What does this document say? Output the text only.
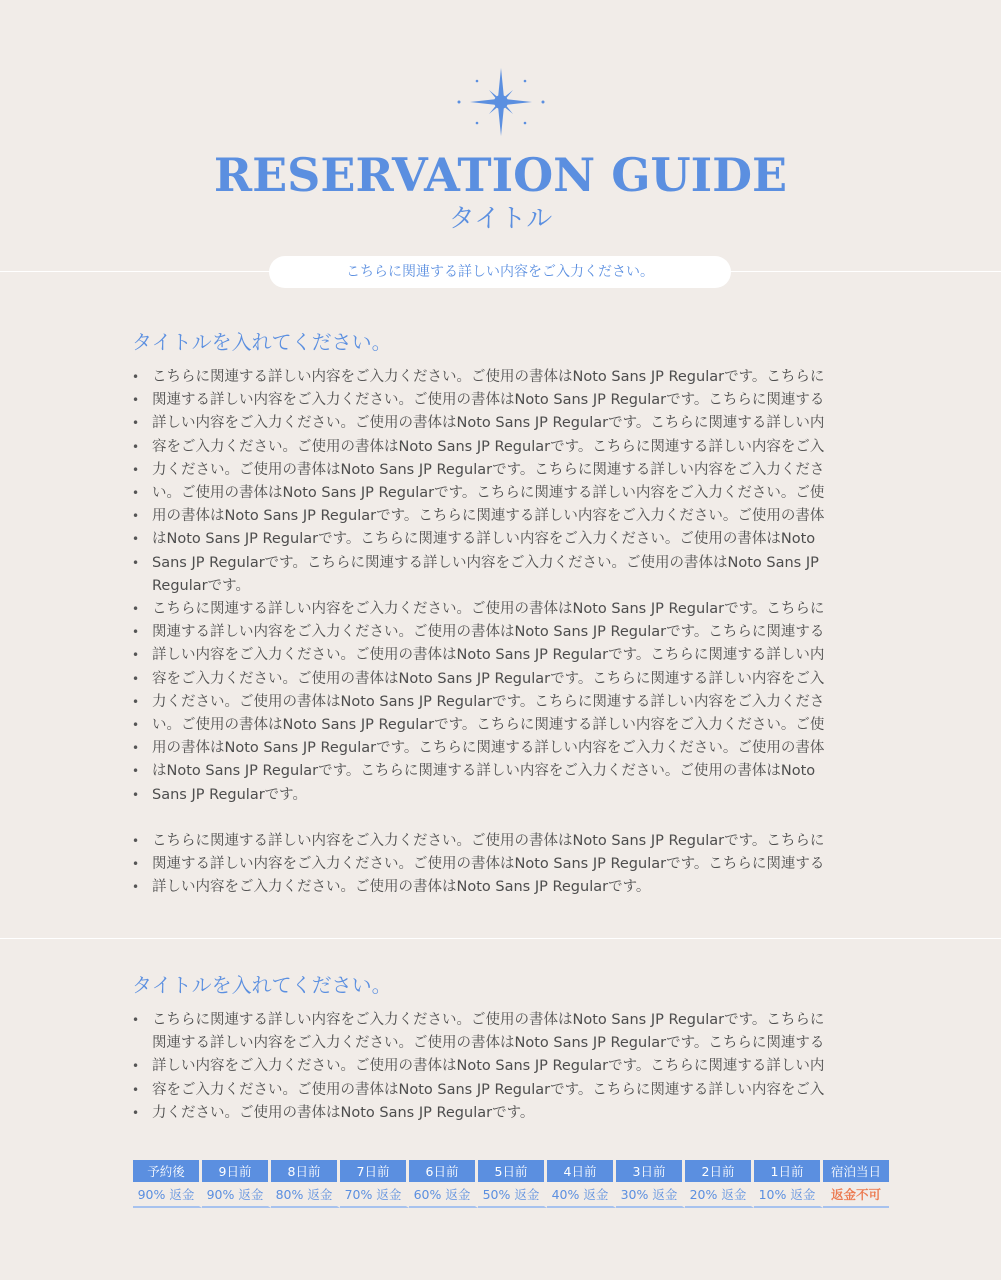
RESERVATION GUIDE
タイトル
こちらに関連する詳しい内容をご入力ください。
タイトルを入れてください。
• こちらに関連する詳しい内容をご入力ください。ご使用の書体はNoto Sans JP Regularです。こちらに
• 関連する詳しい内容をご入力ください。ご使用の書体はNoto Sans JP Regularです。こちらに関連する
• 詳しい内容をご入力ください。ご使用の書体はNoto Sans JP Regularです。こちらに関連する詳しい内
• 容をご入力ください。ご使用の書体はNoto Sans JP Regularです。こちらに関連する詳しい内容をご入
• 力ください。ご使用の書体はNoto Sans JP Regularです。こちらに関連する詳しい内容をご入力くださ
• い。ご使用の書体はNoto Sans JP Regularです。こちらに関連する詳しい内容をご入力ください。ご使
• 用の書体はNoto Sans JP Regularです。こちらに関連する詳しい内容をご入力ください。ご使用の書体
• はNoto Sans JP Regularです。こちらに関連する詳しい内容をご入力ください。ご使用の書体はNoto
• Sans JP Regularです。こちらに関連する詳しい内容をご入力ください。ご使用の書体はNoto Sans JP
Regularです。
• こちらに関連する詳しい内容をご入力ください。ご使用の書体はNoto Sans JP Regularです。こちらに
• 関連する詳しい内容をご入力ください。ご使用の書体はNoto Sans JP Regularです。こちらに関連する
• 詳しい内容をご入力ください。ご使用の書体はNoto Sans JP Regularです。こちらに関連する詳しい内
• 容をご入力ください。ご使用の書体はNoto Sans JP Regularです。こちらに関連する詳しい内容をご入
• 力ください。ご使用の書体はNoto Sans JP Regularです。こちらに関連する詳しい内容をご入力くださ
• い。ご使用の書体はNoto Sans JP Regularです。こちらに関連する詳しい内容をご入力ください。ご使
• 用の書体はNoto Sans JP Regularです。こちらに関連する詳しい内容をご入力ください。ご使用の書体
• はNoto Sans JP Regularです。こちらに関連する詳しい内容をご入力ください。ご使用の書体はNoto
• Sans JP Regularです。
• こちらに関連する詳しい内容をご入力ください。ご使用の書体はNoto Sans JP Regularです。こちらに
• 関連する詳しい内容をご入力ください。ご使用の書体はNoto Sans JP Regularです。こちらに関連する
• 詳しい内容をご入力ください。ご使用の書体はNoto Sans JP Regularです。
タイトルを入れてください。
• こちらに関連する詳しい内容をご入力ください。ご使用の書体はNoto Sans JP Regularです。こちらに
関連する詳しい内容をご入力ください。ご使用の書体はNoto Sans JP Regularです。こちらに関連する
• 詳しい内容をご入力ください。ご使用の書体はNoto Sans JP Regularです。こちらに関連する詳しい内
• 容をご入力ください。ご使用の書体はNoto Sans JP Regularです。こちらに関連する詳しい内容をご入
• 力ください。ご使用の書体はNoto Sans JP Regularです。
予約後	9日前	8日前	7日前	6日前	5日前	4日前	3日前	2日前	1日前	宿泊当日
90% 返金	90% 返金	80% 返金	70% 返金	60% 返金	50% 返金	40% 返金	30% 返金	20% 返金	10% 返金	返金不可
